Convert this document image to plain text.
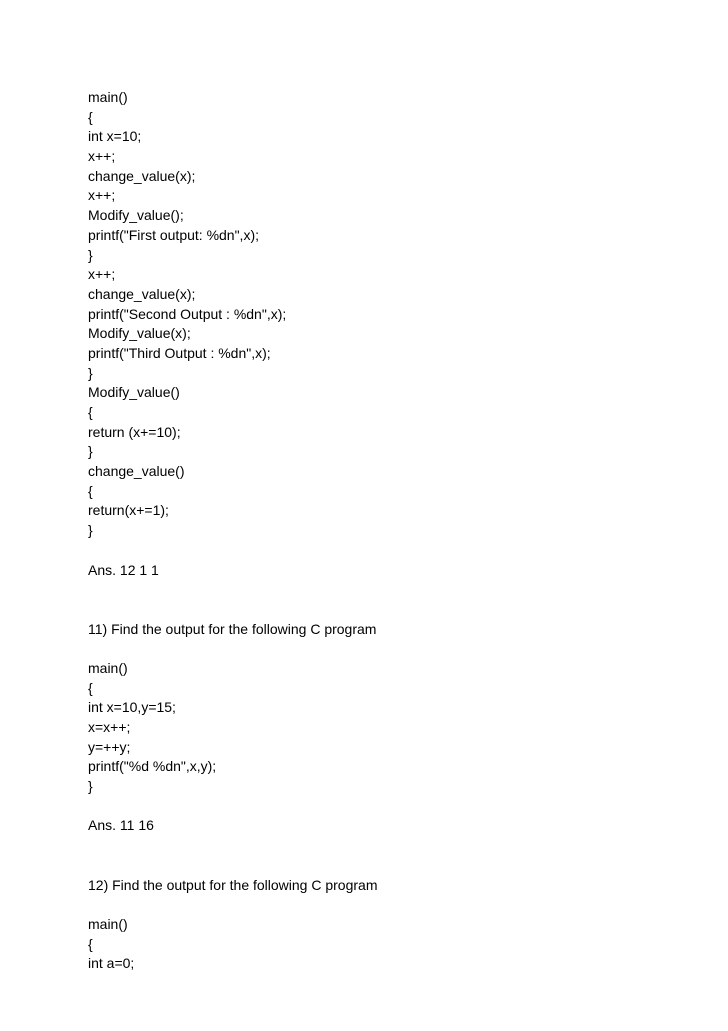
main()
{
int x=10;
x++;
change_value(x);
x++;
Modify_value();
printf("First output: %dn",x);
}
x++;
change_value(x);
printf("Second Output : %dn",x);
Modify_value(x);
printf("Third Output : %dn",x);
}
Modify_value()
{
return (x+=10);
}
change_value()
{
return(x+=1);
}
Ans. 12 1 1
11) Find the output for the following C program
main()
{
int x=10,y=15;
x=x++;
y=++y;
printf("%d %dn",x,y);
}
Ans. 11 16
12) Find the output for the following C program
main()
{
int a=0;
